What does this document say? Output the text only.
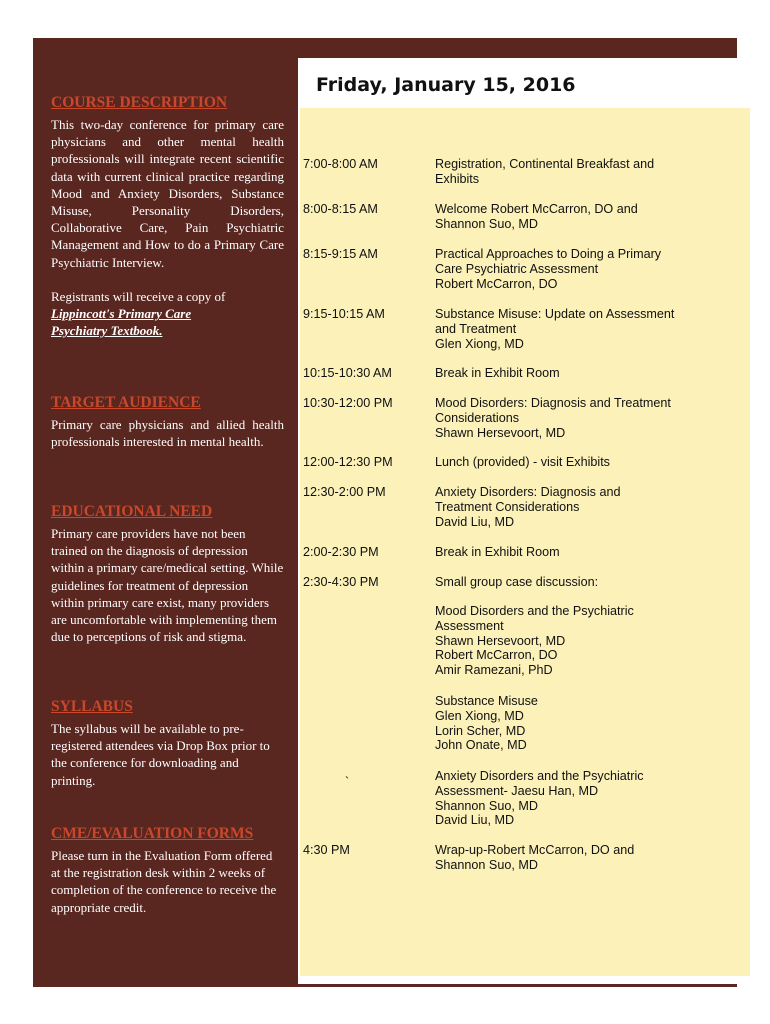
COURSE DESCRIPTION

This two-day conference for primary care physicians and other mental health professionals will integrate recent scientific data with current clinical practice regarding Mood and Anxiety Disorders, Substance Misuse, Personality Disorders, Collaborative Care, Pain Psychiatric Management and How to do a Primary Care Psychiatric Interview.

Registrants will receive a copy of

Lippincott's Primary Care

Psychiatry Textbook.

TARGET AUDIENCE

Primary care physicians and allied health professionals interested in mental health.

EDUCATIONAL NEED

Primary care providers have not been trained on the diagnosis of depression within a primary care/medical setting. While guidelines for treatment of depression within primary care exist, many providers are uncomfortable with implementing them due to perceptions of risk and stigma.

SYLLABUS

The syllabus will be available to pre-registered attendees via Drop Box prior to the conference for downloading and printing.

CME/EVALUATION FORMS

Please turn in the Evaluation Form offered at the registration desk within 2 weeks of completion of the conference to receive the appropriate credit.

Friday, January 15, 2016
7:00-8:00 AM	Registration, Continental Breakfast and
Exhibits
8:00-8:15 AM	Welcome Robert McCarron, DO and
Shannon Suo, MD
8:15-9:15 AM	Practical Approaches to Doing a Primary
Care Psychiatric Assessment
Robert McCarron, DO
9:15-10:15 AM	Substance Misuse: Update on Assessment
and Treatment
Glen Xiong, MD
10:15-10:30 AM	Break in Exhibit Room
10:30-12:00 PM	Mood Disorders: Diagnosis and Treatment
Considerations
Shawn Hersevoort, MD
12:00-12:30 PM	Lunch (provided) - visit Exhibits
12:30-2:00 PM	Anxiety Disorders: Diagnosis and
Treatment Considerations
David Liu, MD
2:00-2:30 PM	Break in Exhibit Room
2:30-4:30 PM	Small group case discussion:
Mood Disorders and the Psychiatric
Assessment
Shawn Hersevoort, MD
Robert McCarron, DO
Amir Ramezani, PhD
Substance Misuse
Glen Xiong, MD
Lorin Scher, MD
John Onate, MD
`	Anxiety Disorders and the Psychiatric
Assessment- Jaesu Han, MD
Shannon Suo, MD
David Liu, MD
4:30 PM	Wrap-up-Robert McCarron, DO and
Shannon Suo, MD
